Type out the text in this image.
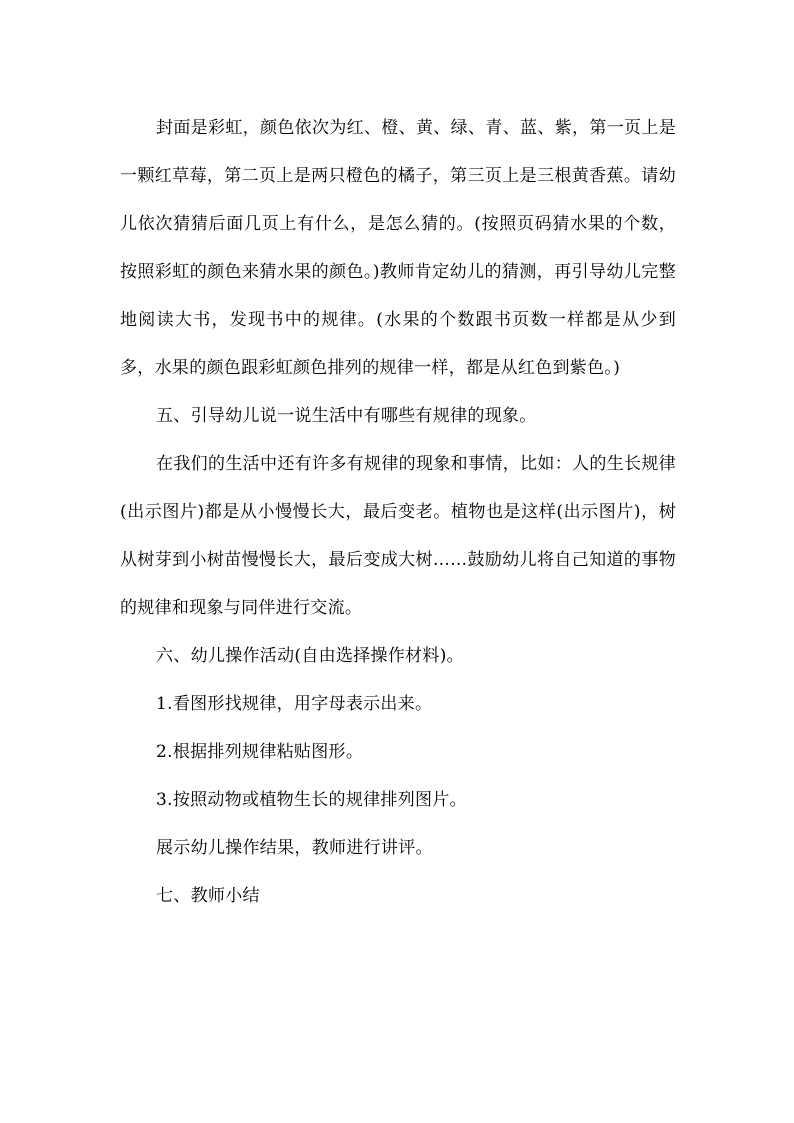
封面是彩虹，颜色依次为红、橙、黄、绿、青、蓝、紫，第一页上是一颗红草莓，第二页上是两只橙色的橘子，第三页上是三根黄香蕉。请幼儿依次猜猜后面几页上有什么，是怎么猜的。(按照页码猜水果的个数，按照彩虹的颜色来猜水果的颜色。)教师肯定幼儿的猜测，再引导幼儿完整地阅读大书，发现书中的规律。(水果的个数跟书页数一样都是从少到多，水果的颜色跟彩虹颜色排列的规律一样，都是从红色到紫色。)

五、引导幼儿说一说生活中有哪些有规律的现象。

在我们的生活中还有许多有规律的现象和事情，比如：人的生长规律(出示图片)都是从小慢慢长大，最后变老。植物也是这样(出示图片)，树从树芽到小树苗慢慢长大，最后变成大树……鼓励幼儿将自己知道的事物的规律和现象与同伴进行交流。

六、幼儿操作活动(自由选择操作材料)。

1.看图形找规律，用字母表示出来。

2.根据排列规律粘贴图形。

3.按照动物或植物生长的规律排列图片。

展示幼儿操作结果，教师进行讲评。

七、教师小结
